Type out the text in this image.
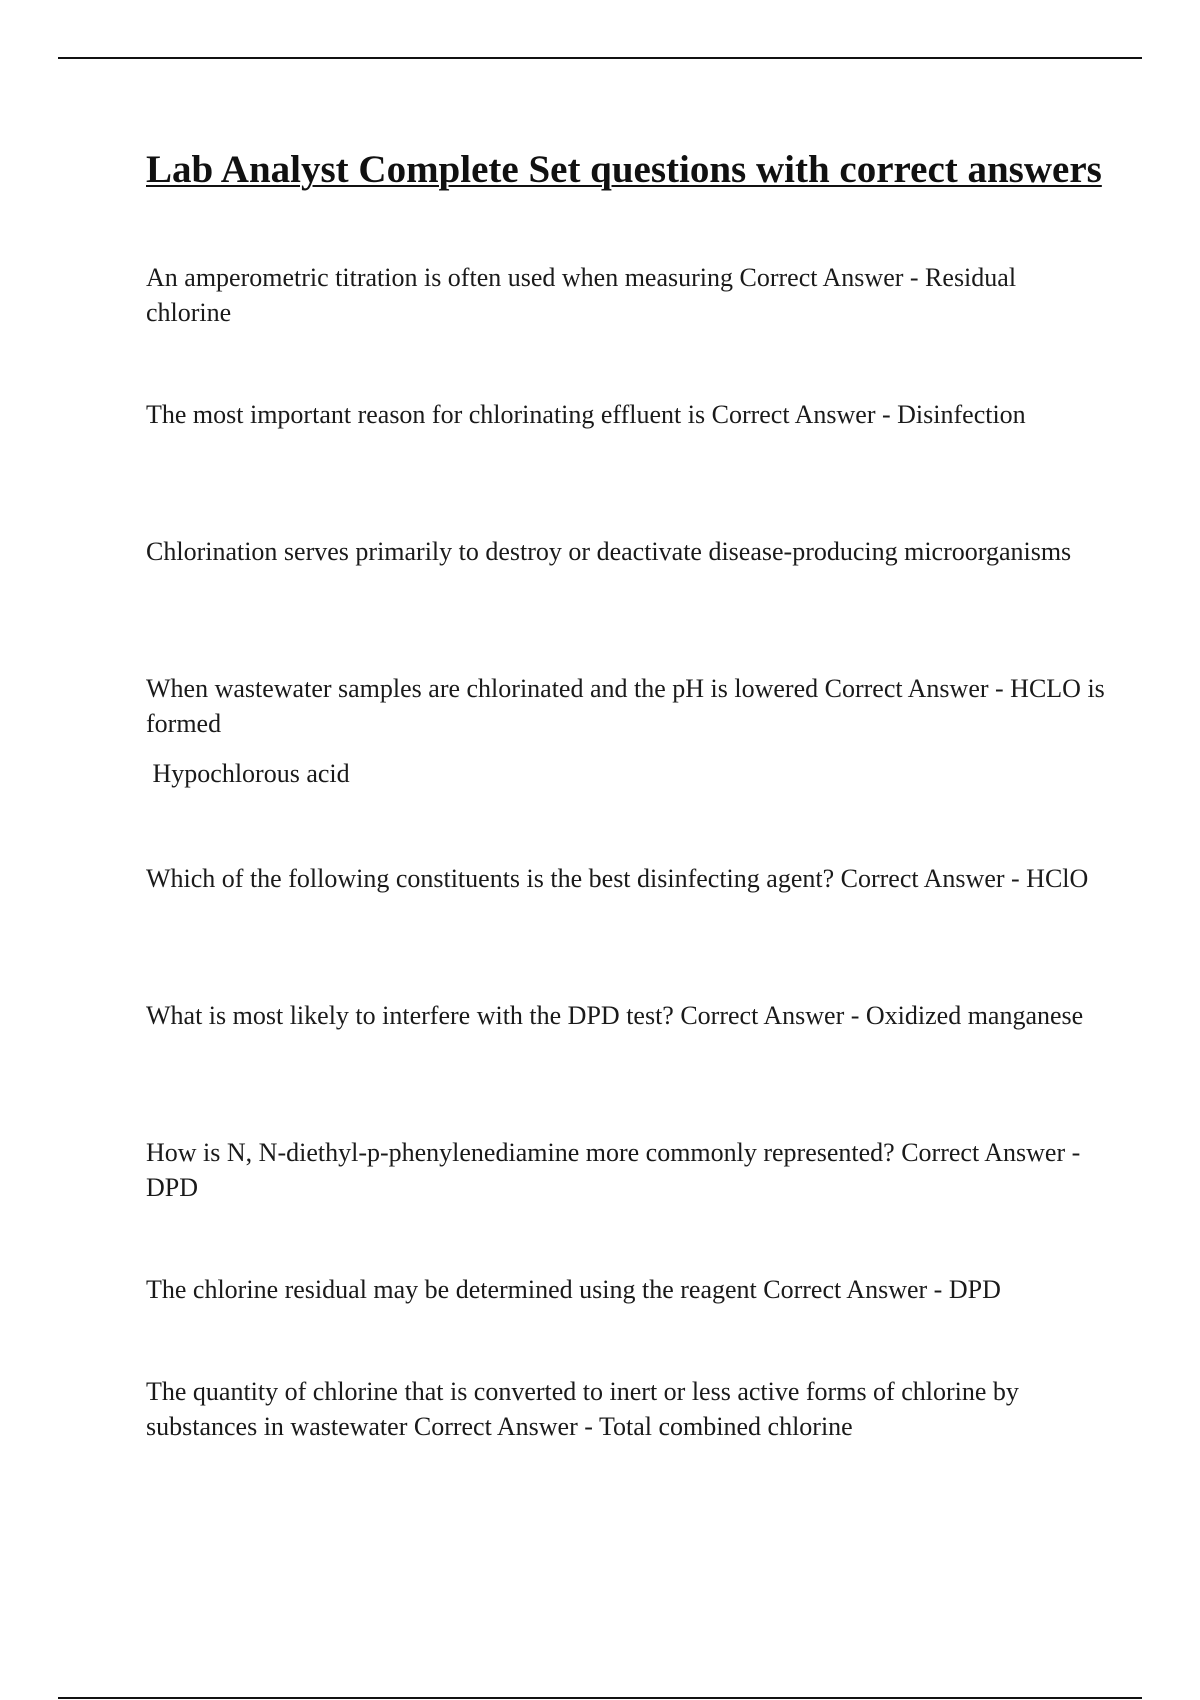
Lab Analyst Complete Set questions with correct answers

An amperometric titration is often used when measuring Correct Answer - Residual chlorine

The most important reason for chlorinating effluent is Correct Answer - Disinfection

Chlorination serves primarily to destroy or deactivate disease-producing microorganisms

When wastewater samples are chlorinated and the pH is lowered Correct Answer - HCLO is formed

Hypochlorous acid

Which of the following constituents is the best disinfecting agent? Correct Answer - HClO

What is most likely to interfere with the DPD test? Correct Answer - Oxidized manganese

How is N, N-diethyl-p-phenylenediamine more commonly represented? Correct Answer - DPD

The chlorine residual may be determined using the reagent Correct Answer - DPD

The quantity of chlorine that is converted to inert or less active forms of chlorine by substances in wastewater Correct Answer - Total combined chlorine
